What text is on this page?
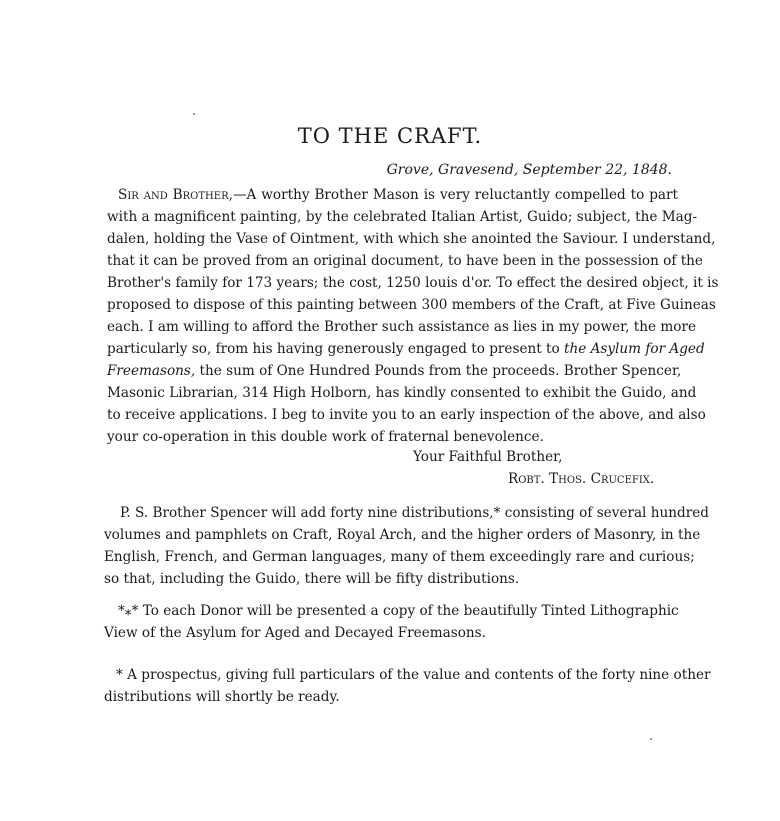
TO THE CRAFT.

Grove, Gravesend, September 22, 1848.

Sir and Brother,—A worthy Brother Mason is very reluctantly compelled to part

with a magnificent painting, by the celebrated Italian Artist, Guido; subject, the Mag-

dalen, holding the Vase of Ointment, with which she anointed the Saviour. I understand,

that it can be proved from an original document, to have been in the possession of the

Brother's family for 173 years; the cost, 1250 louis d'or. To effect the desired object, it is

proposed to dispose of this painting between 300 members of the Craft, at Five Guineas

each. I am willing to afford the Brother such assistance as lies in my power, the more

particularly so, from his having generously engaged to present to the Asylum for Aged

Freemasons, the sum of One Hundred Pounds from the proceeds. Brother Spencer,

Masonic Librarian, 314 High Holborn, has kindly consented to exhibit the Guido, and

to receive applications. I beg to invite you to an early inspection of the above, and also

your co-operation in this double work of fraternal benevolence.

Your Faithful Brother,

Robt. Thos. Crucefix.

P. S. Brother Spencer will add forty nine distributions,* consisting of several hundred

volumes and pamphlets on Craft, Royal Arch, and the higher orders of Masonry, in the

English, French, and German languages, many of them exceedingly rare and curious;

so that, including the Guido, there will be fifty distributions.

*⁎* To each Donor will be presented a copy of the beautifully Tinted Lithographic

View of the Asylum for Aged and Decayed Freemasons.

* A prospectus, giving full particulars of the value and contents of the forty nine other

distributions will shortly be ready.
